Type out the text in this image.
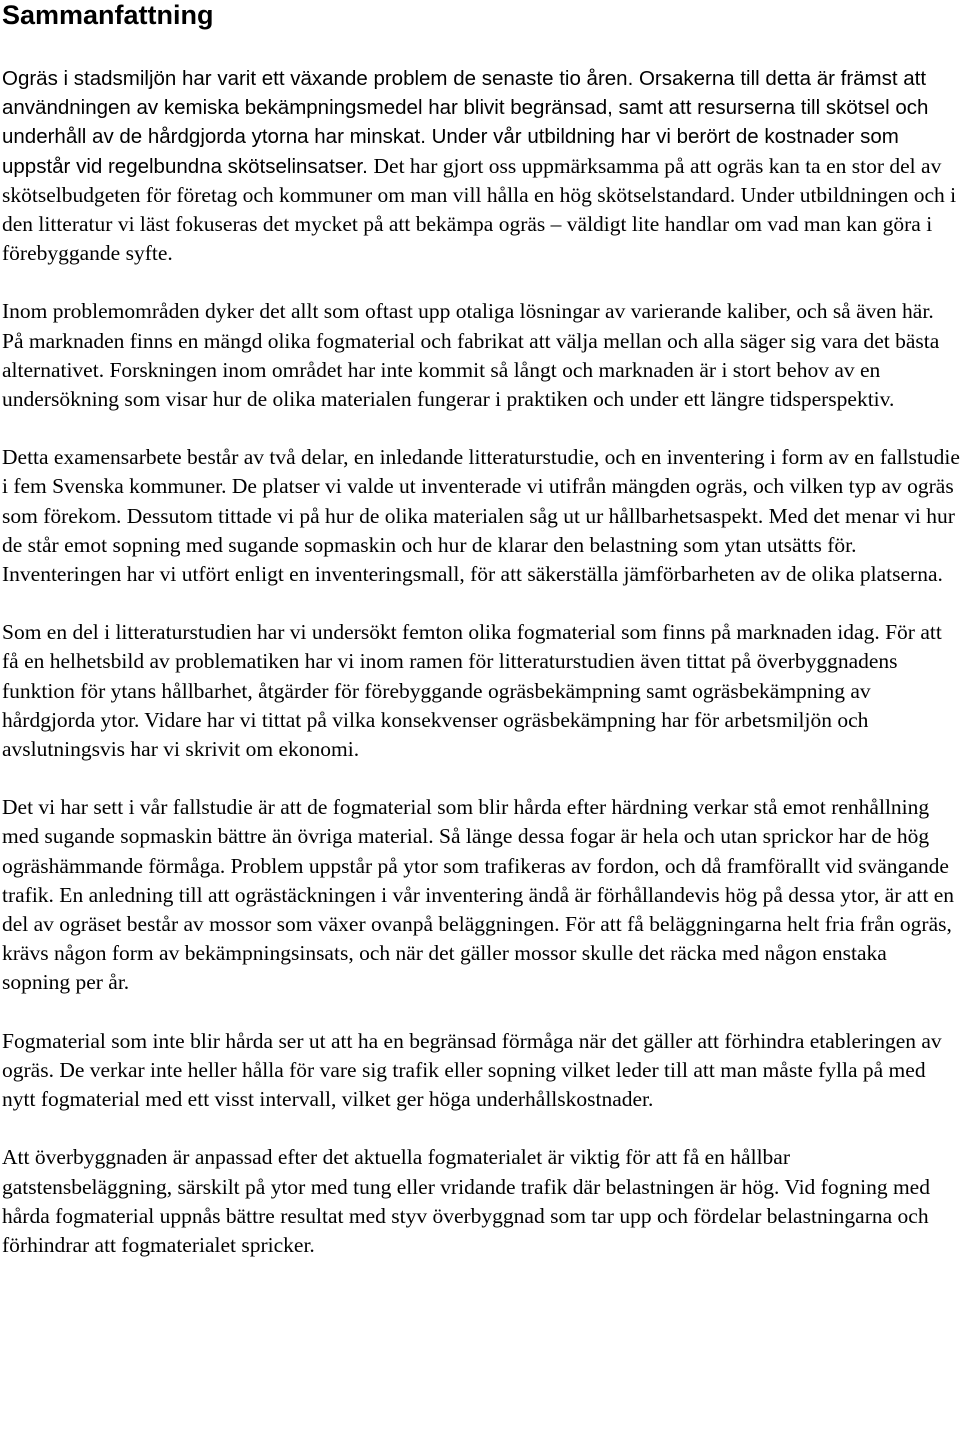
Sammanfattning

Ogräs i stadsmiljön har varit ett växande problem de senaste tio åren. Orsakerna till detta är främst att användningen av kemiska bekämpningsmedel har blivit begränsad, samt att resurserna till skötsel och underhåll av de hårdgjorda ytorna har minskat. Under vår utbildning har vi berört de kostnader som uppstår vid regelbundna skötselinsatser. Det har gjort oss uppmärksamma på att ogräs kan ta en stor del av skötselbudgeten för företag och kommuner om man vill hålla en hög skötselstandard. Under utbildningen och i den litteratur vi läst fokuseras det mycket på att bekämpa ogräs – väldigt lite handlar om vad man kan göra i förebyggande syfte.

Inom problemområden dyker det allt som oftast upp otaliga lösningar av varierande kaliber, och så även här. På marknaden finns en mängd olika fogmaterial och fabrikat att välja mellan och alla säger sig vara det bästa alternativet. Forskningen inom området har inte kommit så långt och marknaden är i stort behov av en undersökning som visar hur de olika materialen fungerar i praktiken och under ett längre tidsperspektiv.

Detta examensarbete består av två delar, en inledande litteraturstudie, och en inventering i form av en fallstudie i fem Svenska kommuner. De platser vi valde ut inventerade vi utifrån mängden ogräs, och vilken typ av ogräs som förekom. Dessutom tittade vi på hur de olika materialen såg ut ur hållbarhetsaspekt. Med det menar vi hur de står emot sopning med sugande sopmaskin och hur de klarar den belastning som ytan utsätts för. Inventeringen har vi utfört enligt en inventeringsmall, för att säkerställa jämförbarheten av de olika platserna.

Som en del i litteraturstudien har vi undersökt femton olika fogmaterial som finns på marknaden idag. För att få en helhetsbild av problematiken har vi inom ramen för litteraturstudien även tittat på överbyggnadens funktion för ytans hållbarhet, åtgärder för förebyggande ogräsbekämpning samt ogräsbekämpning av hårdgjorda ytor. Vidare har vi tittat på vilka konsekvenser ogräsbekämpning har för arbetsmiljön och avslutningsvis har vi skrivit om ekonomi.

Det vi har sett i vår fallstudie är att de fogmaterial som blir hårda efter härdning verkar stå emot renhållning med sugande sopmaskin bättre än övriga material. Så länge dessa fogar är hela och utan sprickor har de hög ogräshämmande förmåga. Problem uppstår på ytor som trafikeras av fordon, och då framförallt vid svängande trafik. En anledning till att ogrästäckningen i vår inventering ändå är förhållandevis hög på dessa ytor, är att en del av ogräset består av mossor som växer ovanpå beläggningen. För att få beläggningarna helt fria från ogräs, krävs någon form av bekämpningsinsats, och när det gäller mossor skulle det räcka med någon enstaka sopning per år.

Fogmaterial som inte blir hårda ser ut att ha en begränsad förmåga när det gäller att förhindra etableringen av ogräs. De verkar inte heller hålla för vare sig trafik eller sopning vilket leder till att man måste fylla på med nytt fogmaterial med ett visst intervall, vilket ger höga underhållskostnader.

Att överbyggnaden är anpassad efter det aktuella fogmaterialet är viktig för att få en hållbar gatstensbeläggning, särskilt på ytor med tung eller vridande trafik där belastningen är hög. Vid fogning med hårda fogmaterial uppnås bättre resultat med styv överbyggnad som tar upp och fördelar belastningarna och förhindrar att fogmaterialet spricker.
